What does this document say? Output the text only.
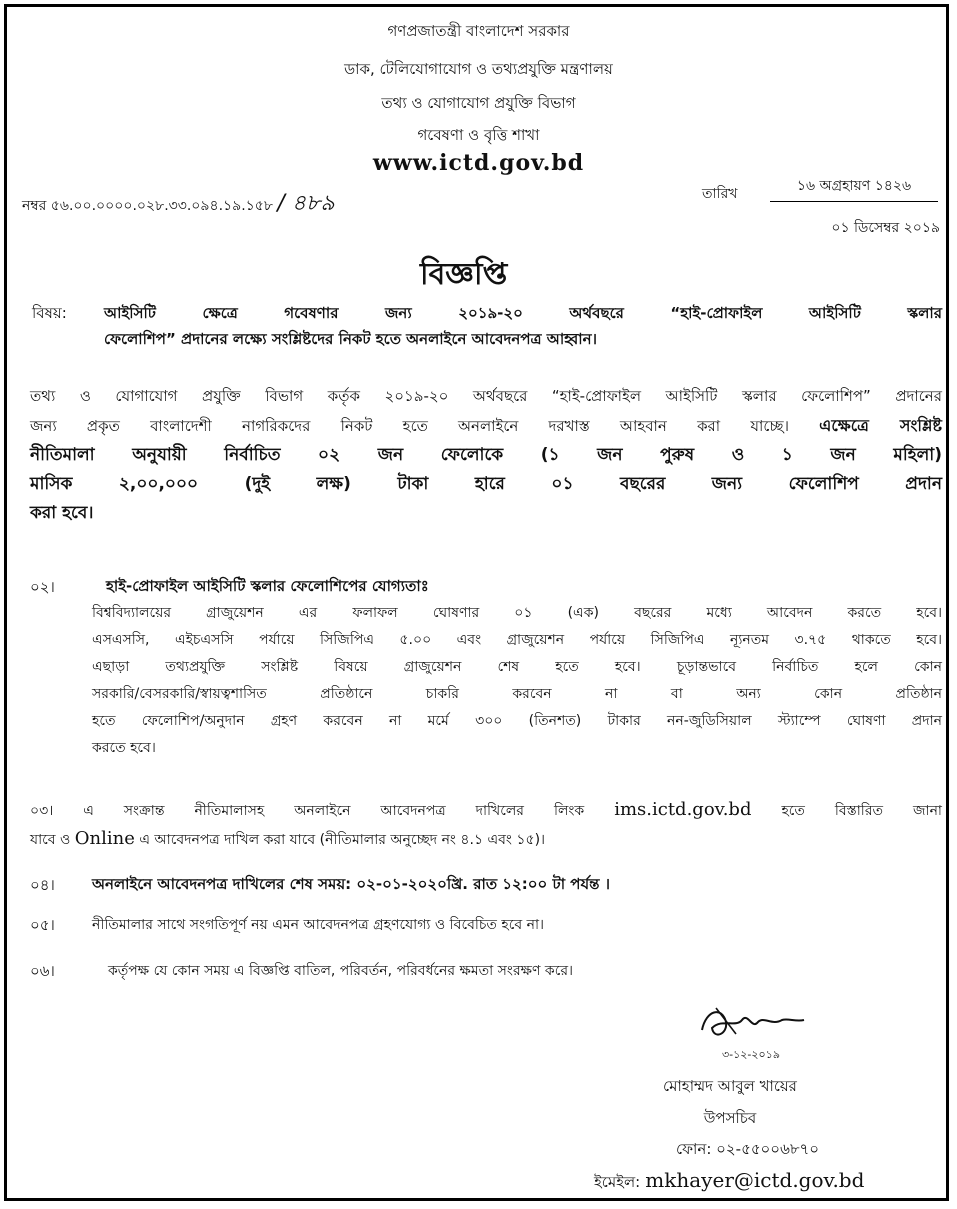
গণপ্রজাতন্ত্রী বাংলাদেশ সরকার
ডাক, টেলিযোগাযোগ ও তথ্যপ্রযুক্তি মন্ত্রণালয়
তথ্য ও যোগাযোগ প্রযুক্তি বিভাগ
গবেষণা ও বৃত্তি শাখা
www.ictd.gov.bd
নম্বর ৫৬.০০.০০০০.০২৮.৩৩.০৯৪.১৯.১৫৮ / ৪৮৯	তারিখ	১৬ অগ্রহায়ণ ১৪২৬
০১ ডিসেম্বর ২০১৯
বিজ্ঞপ্তি
বিষয়: আইসিটি ক্ষেত্রে গবেষণার জন্য ২০১৯-২০ অর্থবছরে “হাই-প্রোফাইল আইসিটি স্কলার
ফেলোশিপ” প্রদানের লক্ষ্যে সংশ্লিষ্টদের নিকট হতে অনলাইনে আবেদনপত্র আহ্বান।
তথ্য ও যোগাযোগ প্রযুক্তি বিভাগ কর্তৃক ২০১৯-২০ অর্থবছরে “হাই-প্রোফাইল আইসিটি স্কলার ফেলোশিপ” প্রদানের
জন্য প্রকৃত বাংলাদেশী নাগরিকদের নিকট হতে অনলাইনে দরখাস্ত আহবান করা যাচ্ছে। এক্ষেত্রে সংশ্লিষ্ট
নীতিমালা অনুযায়ী নির্বাচিত ০২ জন ফেলোকে (১ জন পুরুষ ও ১ জন মহিলা)
মাসিক ২,০০,০০০ (দুই লক্ষ) টাকা হারে ০১ বছরের জন্য ফেলোশিপ প্রদান
করা হবে।
০২।	হাই-প্রোফাইল আইসিটি স্কলার ফেলোশিপের যোগ্যতাঃ
বিশ্ববিদ্যালয়ের গ্রাজুয়েশন এর ফলাফল ঘোষণার ০১ (এক) বছরের মধ্যে আবেদন করতে হবে।
এসএসসি, এইচএসসি পর্যায়ে সিজিপিএ ৫.০০ এবং গ্রাজুয়েশন পর্যায়ে সিজিপিএ ন্যূনতম ৩.৭৫ থাকতে হবে।
এছাড়া তথ্যপ্রযুক্তি সংশ্লিষ্ট বিষয়ে গ্রাজুয়েশন শেষ হতে হবে। চূড়ান্তভাবে নির্বাচিত হলে কোন
সরকারি/বেসরকারি/স্বায়ত্বশাসিত প্রতিষ্ঠানে চাকরি করবেন না বা অন্য কোন প্রতিষ্ঠান
হতে ফেলোশিপ/অনুদান গ্রহণ করবেন না মর্মে ৩০০ (তিনশত) টাকার নন-জুডিসিয়াল স্ট্যাম্পে ঘোষণা প্রদান
করতে হবে।
০৩। এ সংক্রান্ত নীতিমালাসহ অনলাইনে আবেদনপত্র দাখিলের লিংক ims.ictd.gov.bd হতে বিস্তারিত জানা
যাবে ও Online এ আবেদনপত্র দাখিল করা যাবে (নীতিমালার অনুচ্ছেদ নং ৪.১ এবং ১৫)।
০৪। অনলাইনে আবেদনপত্র দাখিলের শেষ সময়: ০২-০১-২০২০খ্রি. রাত ১২:০০ টা পর্যন্ত ।
০৫।	নীতিমালার সাথে সংগতিপূর্ণ নয় এমন আবেদনপত্র গ্রহণযোগ্য ও বিবেচিত হবে না।
০৬।	কর্তৃপক্ষ যে কোন সময় এ বিজ্ঞপ্তি বাতিল, পরিবর্তন, পরিবর্ধনের ক্ষমতা সংরক্ষণ করে।
৩-১২-২০১৯
মোহাম্মদ আবুল খায়ের
উপসচিব
ফোন: ০২-৫৫০০৬৮৭০
ইমেইল: mkhayer@ictd.gov.bd
